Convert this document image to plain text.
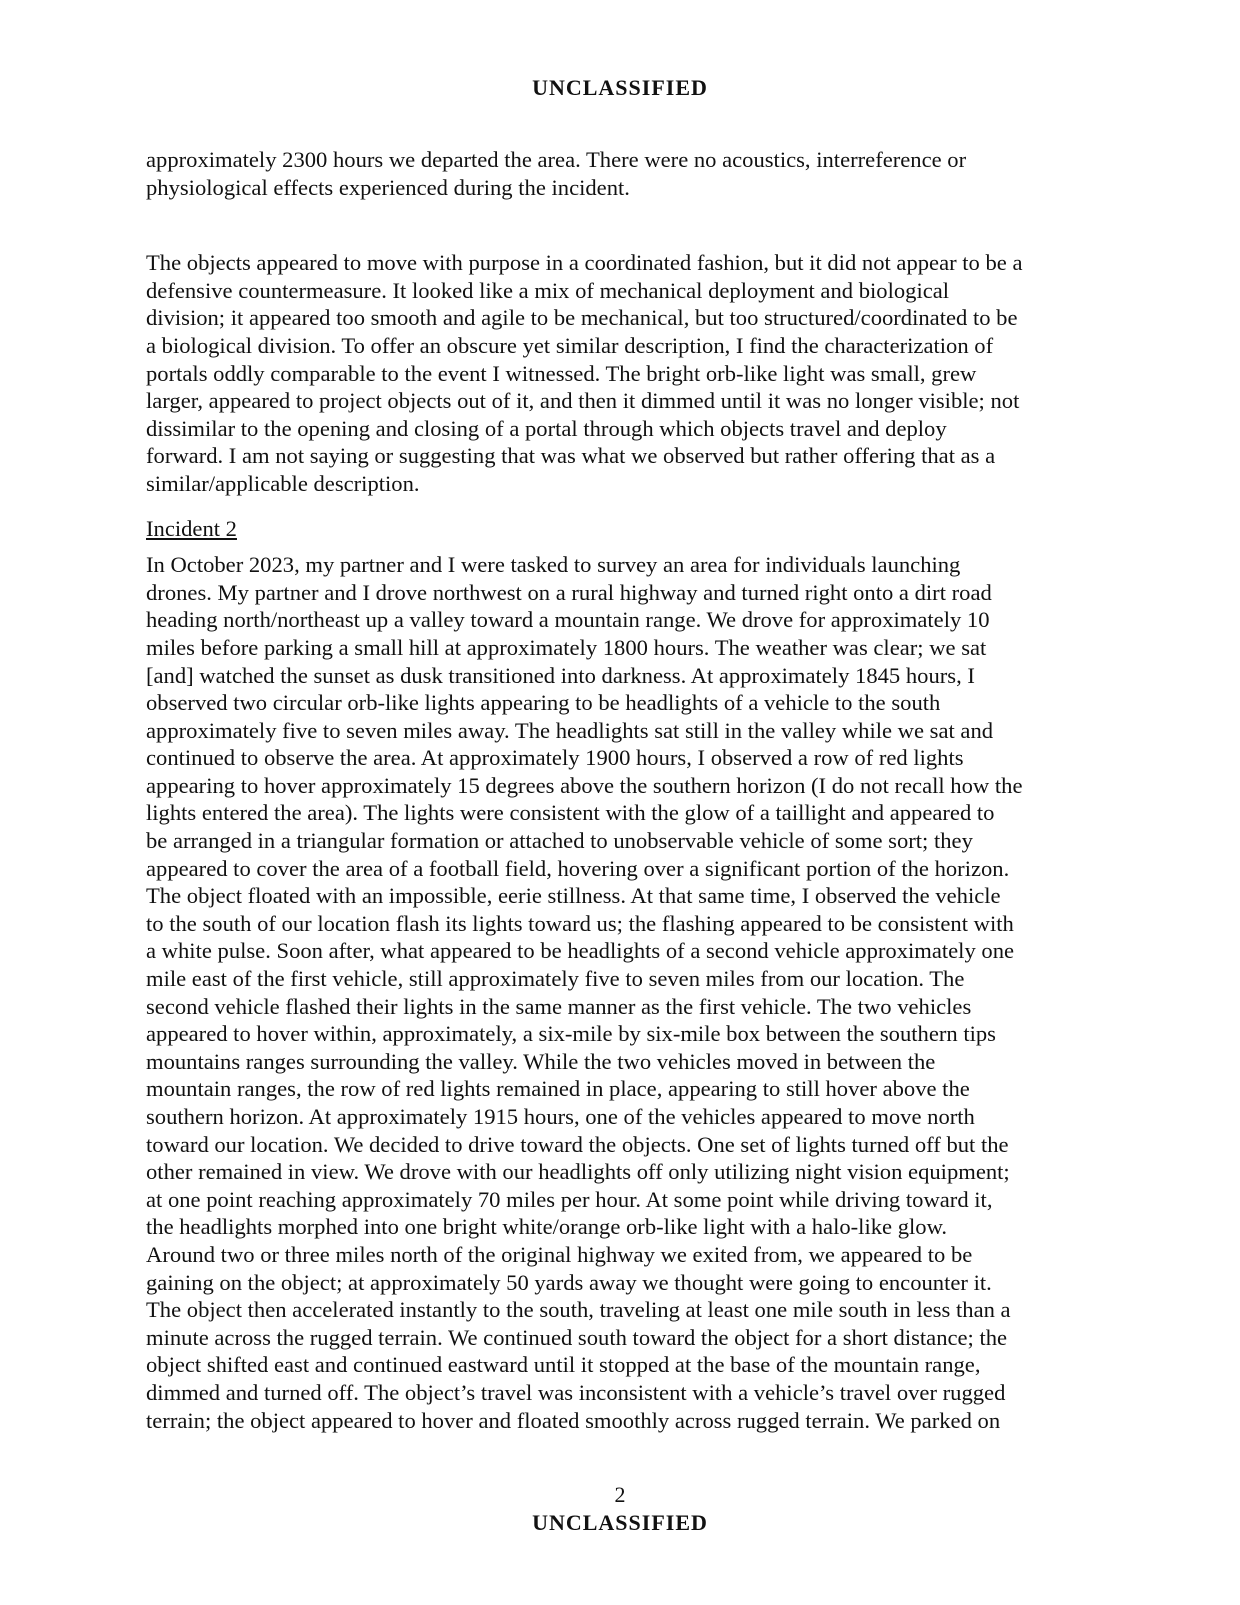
UNCLASSIFIED

approximately 2300 hours we departed the area. There were no acoustics, interreference or

physiological effects experienced during the incident.

The objects appeared to move with purpose in a coordinated fashion, but it did not appear to be a

defensive countermeasure. It looked like a mix of mechanical deployment and biological

division; it appeared too smooth and agile to be mechanical, but too structured/coordinated to be

a biological division. To offer an obscure yet similar description, I find the characterization of

portals oddly comparable to the event I witnessed. The bright orb-like light was small, grew

larger, appeared to project objects out of it, and then it dimmed until it was no longer visible; not

dissimilar to the opening and closing of a portal through which objects travel and deploy

forward. I am not saying or suggesting that was what we observed but rather offering that as a

similar/applicable description.

Incident 2

In October 2023, my partner and I were tasked to survey an area for individuals launching

drones. My partner and I drove northwest on a rural highway and turned right onto a dirt road

heading north/northeast up a valley toward a mountain range. We drove for approximately 10

miles before parking a small hill at approximately 1800 hours. The weather was clear; we sat

[and] watched the sunset as dusk transitioned into darkness. At approximately 1845 hours, I

observed two circular orb-like lights appearing to be headlights of a vehicle to the south

approximately five to seven miles away. The headlights sat still in the valley while we sat and

continued to observe the area. At approximately 1900 hours, I observed a row of red lights

appearing to hover approximately 15 degrees above the southern horizon (I do not recall how the

lights entered the area). The lights were consistent with the glow of a taillight and appeared to

be arranged in a triangular formation or attached to unobservable vehicle of some sort; they

appeared to cover the area of a football field, hovering over a significant portion of the horizon.

The object floated with an impossible, eerie stillness. At that same time, I observed the vehicle

to the south of our location flash its lights toward us; the flashing appeared to be consistent with

a white pulse. Soon after, what appeared to be headlights of a second vehicle approximately one

mile east of the first vehicle, still approximately five to seven miles from our location. The

second vehicle flashed their lights in the same manner as the first vehicle. The two vehicles

appeared to hover within, approximately, a six-mile by six-mile box between the southern tips

mountains ranges surrounding the valley. While the two vehicles moved in between the

mountain ranges, the row of red lights remained in place, appearing to still hover above the

southern horizon. At approximately 1915 hours, one of the vehicles appeared to move north

toward our location. We decided to drive toward the objects. One set of lights turned off but the

other remained in view. We drove with our headlights off only utilizing night vision equipment;

at one point reaching approximately 70 miles per hour. At some point while driving toward it,

the headlights morphed into one bright white/orange orb-like light with a halo-like glow.

Around two or three miles north of the original highway we exited from, we appeared to be

gaining on the object; at approximately 50 yards away we thought were going to encounter it.

The object then accelerated instantly to the south, traveling at least one mile south in less than a

minute across the rugged terrain. We continued south toward the object for a short distance; the

object shifted east and continued eastward until it stopped at the base of the mountain range,

dimmed and turned off. The object’s travel was inconsistent with a vehicle’s travel over rugged

terrain; the object appeared to hover and floated smoothly across rugged terrain. We parked on

2
UNCLASSIFIED
